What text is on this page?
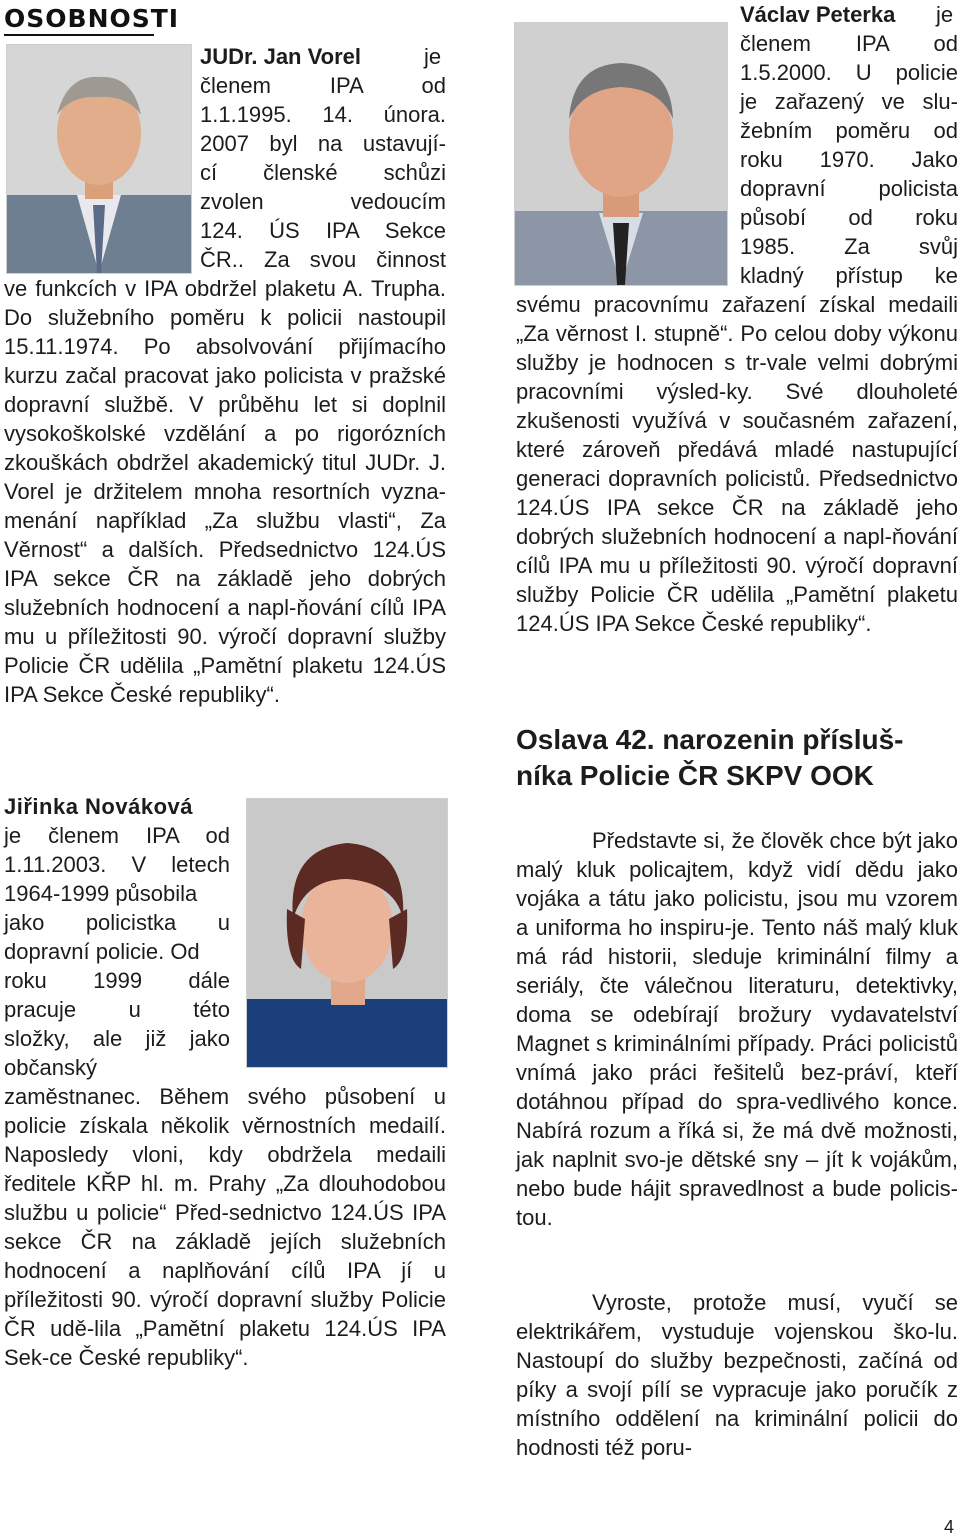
OSOBNOSTI

JUDr. Jan Vorel	je

členem IPA od

1.1.1995. 14. února.

2007 byl na ustavují-

cí členské schůzi

zvolen vedoucím

124. ÚS IPA Sekce

ČR.. Za svou činnost

ve funkcích v IPA obdržel plaketu A. Trupha. Do služebního poměru k policii nastoupil 15.11.1974. Po absolvování přijímacího kurzu začal pracovat jako policista v pražské dopravní službě. V průběhu let si doplnil vysokoškolské vzdělání a po rigorózních zkouškách obdržel akademický titul JUDr. J. Vorel je držitelem mnoha resortních vyzna-menání například „Za službu vlasti“, Za Věrnost“ a dalších. Předsednictvo 124.ÚS IPA sekce ČR na základě jeho dobrých služebních hodnocení a napl-ňování cílů IPA mu u příležitosti 90. výročí dopravní služby Policie ČR udělila „Pamětní plaketu 124.ÚS IPA Sekce České republiky“.

Jiřinka Nováková

je členem IPA od

1.11.2003. V letech

1964-1999 působila

jako policistka u

dopravní policie. Od

roku 1999 dále

pracuje u této

složky, ale již jako

občanský

zaměstnanec. Během svého působení u policie získala několik věrnostních medailí. Naposledy vloni, kdy obdržela medaili ředitele KŘP hl. m. Prahy „Za dlouhodobou službu u policie“ Před-sednictvo 124.ÚS IPA sekce ČR na základě jejích služebních hodnocení a naplňování cílů IPA jí u příležitosti 90. výročí dopravní služby Policie ČR udě-lila „Pamětní plaketu 124.ÚS IPA Sek-ce České republiky“.

Václav Peterka	je

členem IPA od

1.5.2000. U policie

je zařazený ve slu-

žebním poměru od

roku 1970. Jako

dopravní policista

působí od roku

1985. Za svůj

kladný přístup ke

svému pracovnímu zařazení získal medaili „Za věrnost I. stupně“. Po celou doby výkonu služby je hodnocen s tr-vale velmi dobrými pracovními výsled-ky. Své dlouholeté zkušenosti využívá v současném zařazení, které zároveň předává mladé nastupující generaci dopravních policistů. Předsednictvo 124.ÚS IPA sekce ČR na základě jeho dobrých služebních hodnocení a napl-ňování cílů IPA mu u příležitosti 90. výročí dopravní služby Policie ČR udělila „Pamětní plaketu 124.ÚS IPA Sekce České republiky“.

Oslava 42. narozenin přísluš-

níka Policie ČR SKPV OOK

Představte si, že člověk chce být jako malý kluk policajtem, když vidí dědu jako vojáka a tátu jako policistu, jsou mu vzorem a uniforma ho inspiru-je. Tento náš malý kluk má rád historii, sleduje kriminální filmy a seriály, čte válečnou literaturu, detektivky, doma se odebírají brožury vydavatelství Magnet s kriminálními případy. Práci policistů vnímá jako práci řešitelů bez-práví, kteří dotáhnou případ do spra-vedlivého konce. Nabírá rozum a říká si, že má dvě možnosti, jak naplnit svo-je dětské sny – jít k vojákům, nebo bude hájit spravedlnost a bude policis-tou.

Vyroste, protože musí, vyučí se elektrikářem, vystuduje vojenskou ško-lu. Nastoupí do služby bezpečnosti, začíná od píky a svojí pílí se vypracuje jako poručík z místního oddělení na kriminální policii do hodnosti též poru-

4
